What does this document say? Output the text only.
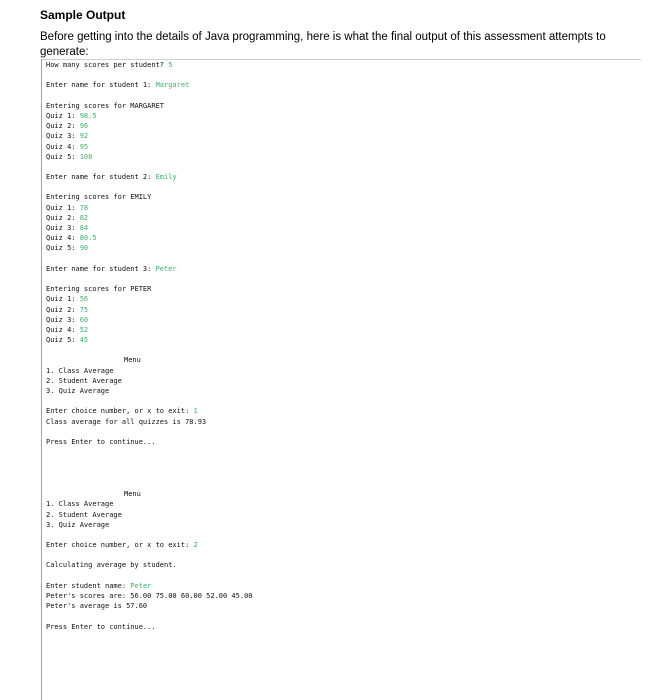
Sample Output
Before getting into the details of Java programming, here is what the final output of this assessment attempts to generate:
How many scores per student? 5
Enter name for student 1: Margaret
Entering scores for MARGARET
Quiz 1: 98.5
Quiz 2: 96
Quiz 3: 92
Quiz 4: 95
Quiz 5: 100
Enter name for student 2: Emily
Entering scores for EMILY
Quiz 1: 78
Quiz 2: 82
Quiz 3: 84
Quiz 4: 80.5
Quiz 5: 90
Enter name for student 3: Peter
Entering scores for PETER
Quiz 1: 56
Quiz 2: 75
Quiz 3: 60
Quiz 4: 52
Quiz 5: 45
Menu
1. Class Average
2. Student Average
3. Quiz Average
Enter choice number, or x to exit: 1
Class average for all quizzes is 78.93
Press Enter to continue...
Menu
1. Class Average
2. Student Average
3. Quiz Average
Enter choice number, or x to exit: 2
Calculating average by student.
Enter student name: Peter
Peter's scores are: 56.00 75.00 60.00 52.00 45.00
Peter's average is 57.60
Press Enter to continue...
